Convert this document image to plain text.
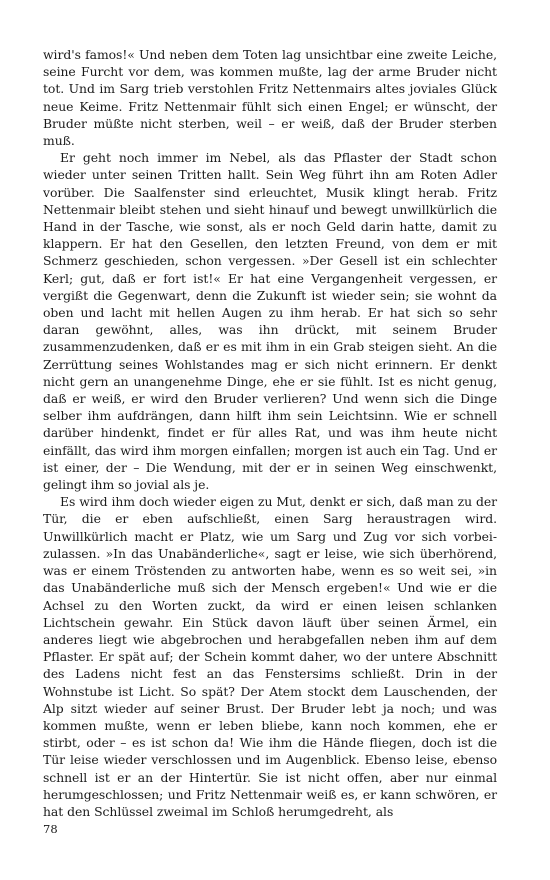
wird's famos!« Und neben dem Toten lag unsichtbar eine zweite Leiche, seine Furcht vor dem, was kommen mußte, lag der arme Bruder nicht tot. Und im Sarg trieb verstohlen Fritz Nettenmairs altes joviales Glück neue Keime. Fritz Nettenmair fühlt sich einen Engel; er wünscht, der Bruder müßte nicht sterben, weil – er weiß, daß der Bruder sterben muß.

Er geht noch immer im Nebel, als das Pflaster der Stadt schon wieder unter seinen Tritten hallt. Sein Weg führt ihn am Roten Adler vorüber. Die Saalfenster sind erleuchtet, Musik klingt herab. Fritz Nettenmair bleibt stehen und sieht hinauf und bewegt unwillkürlich die Hand in der Tasche, wie sonst, als er noch Geld darin hatte, damit zu klappern. Er hat den Gesellen, den letzten Freund, von dem er mit Schmerz geschieden, schon vergessen. »Der Gesell ist ein schlechter Kerl; gut, daß er fort ist!« Er hat eine Vergangenheit vergessen, er vergißt die Gegenwart, denn die Zukunft ist wieder sein; sie wohnt da oben und lacht mit hellen Augen zu ihm herab. Er hat sich so sehr daran gewöhnt, alles, was ihn drückt, mit seinem Bruder zusammenzudenken, daß er es mit ihm in ein Grab steigen sieht. An die Zerrüttung seines Wohlstandes mag er sich nicht erinnern. Er denkt nicht gern an unangenehme Dinge, ehe er sie fühlt. Ist es nicht genug, daß er weiß, er wird den Bruder verlieren? Und wenn sich die Dinge selber ihm aufdrängen, dann hilft ihm sein Leichtsinn. Wie er schnell darüber hindenkt, findet er für alles Rat, und was ihm heute nicht einfällt, das wird ihm morgen einfallen; morgen ist auch ein Tag. Und er ist einer, der – Die Wendung, mit der er in seinen Weg einschwenkt, gelingt ihm so jovial als je.

Es wird ihm doch wieder eigen zu Mut, denkt er sich, daß man zu der Tür, die er eben aufschließt, einen Sarg heraustragen wird. Unwillkürlich macht er Platz, wie um Sarg und Zug vor sich vorbeizulassen. »In das Unabänderliche«, sagt er leise, wie sich überhörend, was er einem Tröstenden zu antworten habe, wenn es so weit sei, »in das Unabänderliche muß sich der Mensch ergeben!« Und wie er die Achsel zu den Worten zuckt, da wird er einen leisen schlanken Lichtschein gewahr. Ein Stück davon läuft über seinen Ärmel, ein anderes liegt wie abgebrochen und herabgefallen neben ihm auf dem Pflaster. Er spät auf; der Schein kommt daher, wo der untere Abschnitt des Ladens nicht fest an das Fenstersims schließt. Drin in der Wohnstube ist Licht. So spät? Der Atem stockt dem Lauschenden, der Alp sitzt wieder auf seiner Brust. Der Bruder lebt ja noch; und was kommen mußte, wenn er leben bliebe, kann noch kommen, ehe er stirbt, oder – es ist schon da! Wie ihm die Hände fliegen, doch ist die Tür leise wieder verschlossen und im Augenblick. Ebenso leise, ebenso schnell ist er an der Hintertür. Sie ist nicht offen, aber nur einmal herumgeschlossen; und Fritz Nettenmair weiß es, er kann schwören, er hat den Schlüssel zweimal im Schloß herumgedreht, als

78
